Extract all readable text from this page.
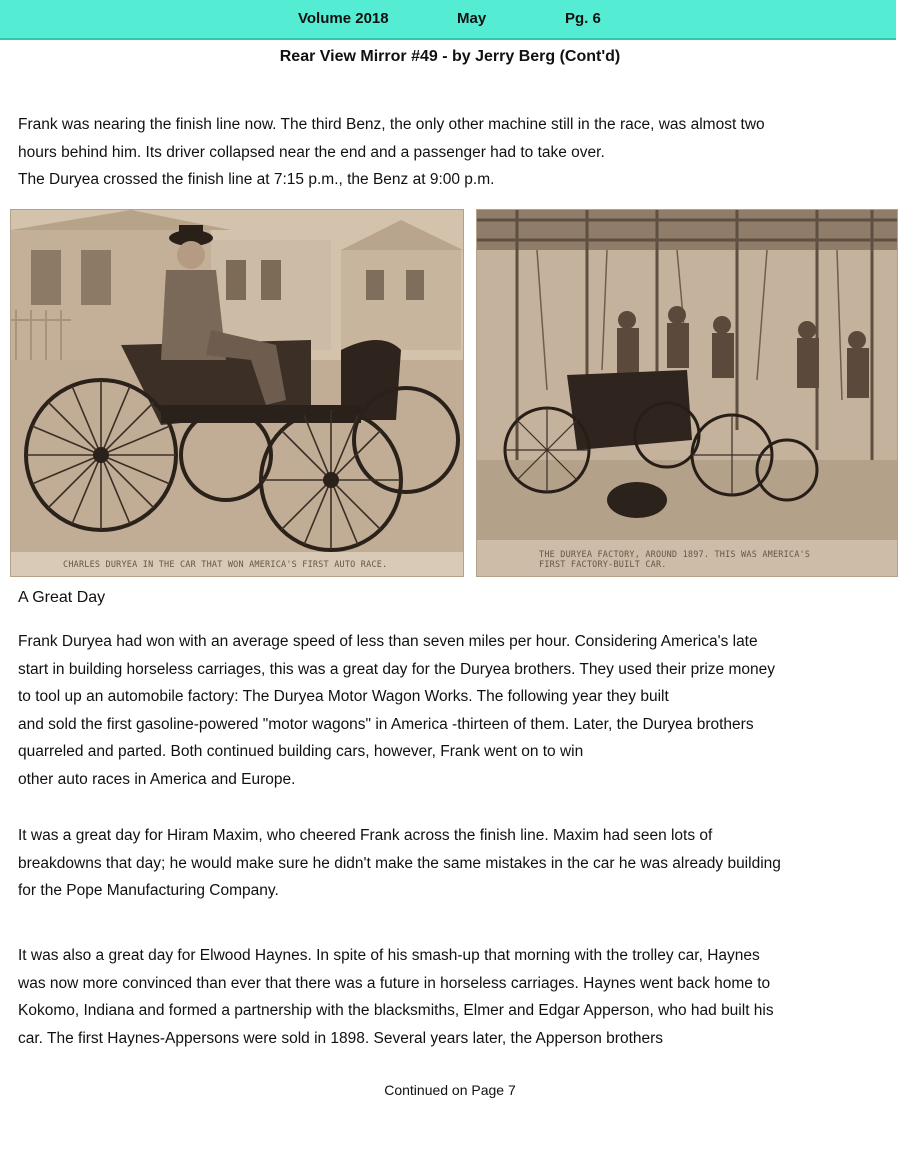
Volume 2018	May	Pg. 6
Rear View Mirror #49 - by Jerry Berg (Cont'd)

Frank was nearing the finish line now. The third Benz, the only other machine still in the race, was almost two
hours behind him. Its driver collapsed near the end and a passenger had to take over.
The Duryea crossed the finish line at 7:15 p.m., the Benz at 9:00 p.m.

CHARLES DURYEA IN THE CAR THAT WON AMERICA'S FIRST AUTO RACE.
THE DURYEA FACTORY, AROUND 1897. THIS WAS AMERICA'S
FIRST FACTORY-BUILT CAR.
A Great Day

Frank Duryea had won with an average speed of less than seven miles per hour. Considering America's late
start in building horseless carriages, this was a great day for the Duryea brothers. They used their prize money
to tool up an automobile factory: The Duryea Motor Wagon Works. The following year they built
and sold the first gasoline-powered "motor wagons" in America -thirteen of them. Later, the Duryea brothers
quarreled and parted. Both continued building cars, however, Frank went on to win
other auto races in America and Europe.

It was a great day for Hiram Maxim, who cheered Frank across the finish line. Maxim had seen lots of
breakdowns that day; he would make sure he didn't make the same mistakes in the car he was already building
for the Pope Manufacturing Company.

It was also a great day for Elwood Haynes. In spite of his smash-up that morning with the trolley car, Haynes
was now more convinced than ever that there was a future in horseless carriages. Haynes went back home to
Kokomo, Indiana and formed a partnership with the blacksmiths, Elmer and Edgar Apperson, who had built his
car. The first Haynes-Appersons were sold in 1898. Several years later, the Apperson brothers

Continued on Page 7
